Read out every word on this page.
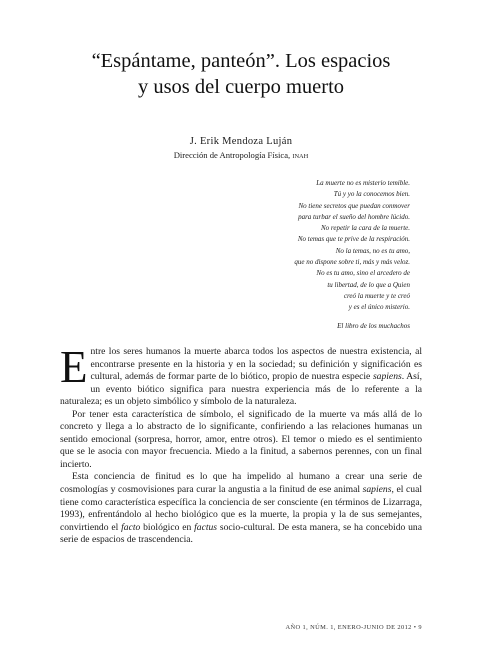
“Espántame, panteón”. Los espacios
y usos del cuerpo muerto
J. Erik Mendoza Luján
Dirección de Antropología Física, INAH
La muerte no es misterio temible.
Tú y yo la conocemos bien.
No tiene secretos que puedan conmover
para turbar el sueño del hombre lúcido.
No repetir la cara de la muerte.
No temas que te prive de la respiración.
No la temas, no es tu amo,
que no dispone sobre ti, más y más veloz.
No es tu amo, sino el arcedero de
tu libertad, de lo que a Quien
creó la muerte y te creó
y es el único misterio.
El libro de los muchachos

Entre los seres humanos la muerte abarca todos los aspectos de nuestra existencia, al encontrarse presente en la historia y en la sociedad; su definición y significación es cultural, además de formar parte de lo biótico, propio de nuestra especie sapiens. Así, un evento biótico significa para nuestra experiencia más de lo referente a la naturaleza; es un objeto simbólico y símbolo de la naturaleza.

Por tener esta característica de símbolo, el significado de la muerte va más allá de lo concreto y llega a lo abstracto de lo significante, confiriendo a las relaciones humanas un sentido emocional (sorpresa, horror, amor, entre otros). El temor o miedo es el sentimiento que se le asocia con mayor frecuencia. Miedo a la finitud, a sabernos perennes, con un final incierto.

Esta conciencia de finitud es lo que ha impelido al humano a crear una serie de cosmologías y cosmovisiones para curar la angustia a la finitud de ese animal sapiens, el cual tiene como característica específica la conciencia de ser consciente (en términos de Lizarraga, 1993), enfrentándolo al hecho biológico que es la muerte, la propia y la de sus semejantes, convirtiendo el facto biológico en factus socio-cultural. De esta manera, se ha concebido una serie de espacios de trascendencia.

AÑO 1, NÚM. 1, ENERO-JUNIO DE 2012 • 9
